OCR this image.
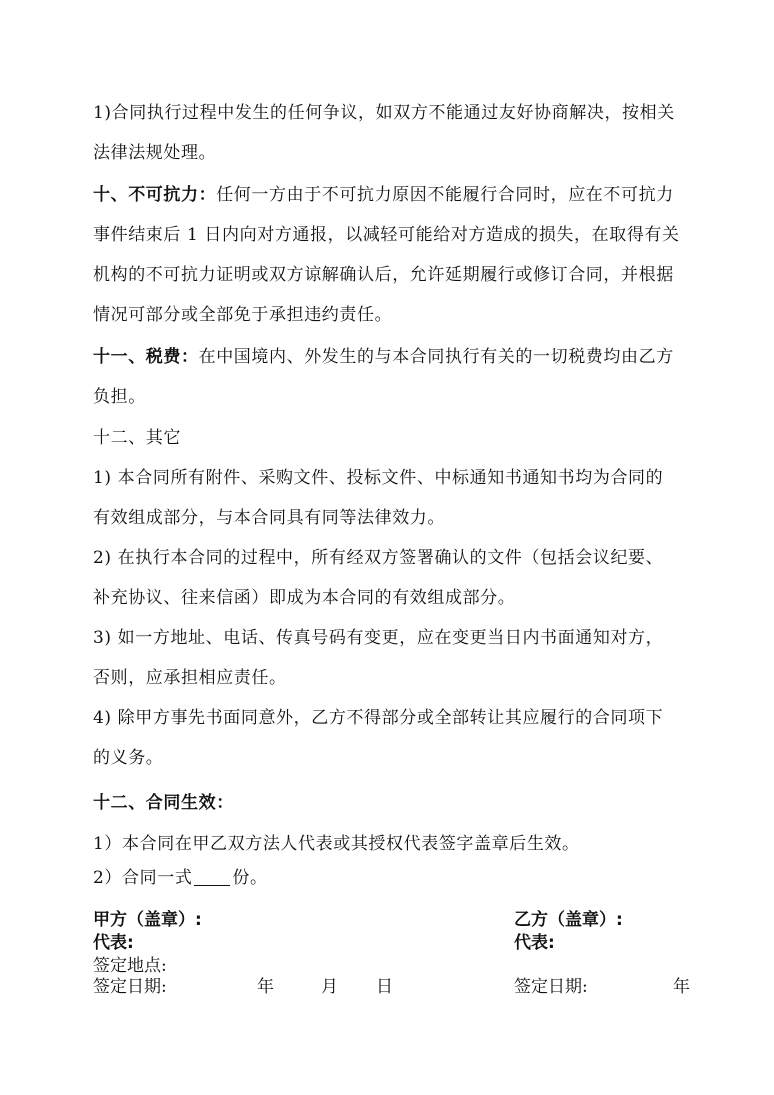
1)合同执行过程中发生的任何争议，如双方不能通过友好协商解决，按相关
法律法规处理。
十、不可抗力：任何一方由于不可抗力原因不能履行合同时，应在不可抗力
事件结束后 1 日内向对方通报，以减轻可能给对方造成的损失，在取得有关
机构的不可抗力证明或双方谅解确认后，允许延期履行或修订合同，并根据
情况可部分或全部免于承担违约责任。
十一、税费：在中国境内、外发生的与本合同执行有关的一切税费均由乙方
负担。
十二、其它
1) 本合同所有附件、采购文件、投标文件、中标通知书通知书均为合同的
有效组成部分，与本合同具有同等法律效力。
2) 在执行本合同的过程中，所有经双方签署确认的文件（包括会议纪要、
补充协议、往来信函）即成为本合同的有效组成部分。
3) 如一方地址、电话、传真号码有变更，应在变更当日内书面通知对方，
否则，应承担相应责任。
4) 除甲方事先书面同意外，乙方不得部分或全部转让其应履行的合同项下
的义务。
十二、合同生效：
1）本合同在甲乙双方法人代表或其授权代表签字盖章后生效。
2）合同一式 份。
甲方（盖章）:
代表:
签定地点:
签定日期:	年	月 日
乙方（盖章）:
代表:
签定日期:	年
